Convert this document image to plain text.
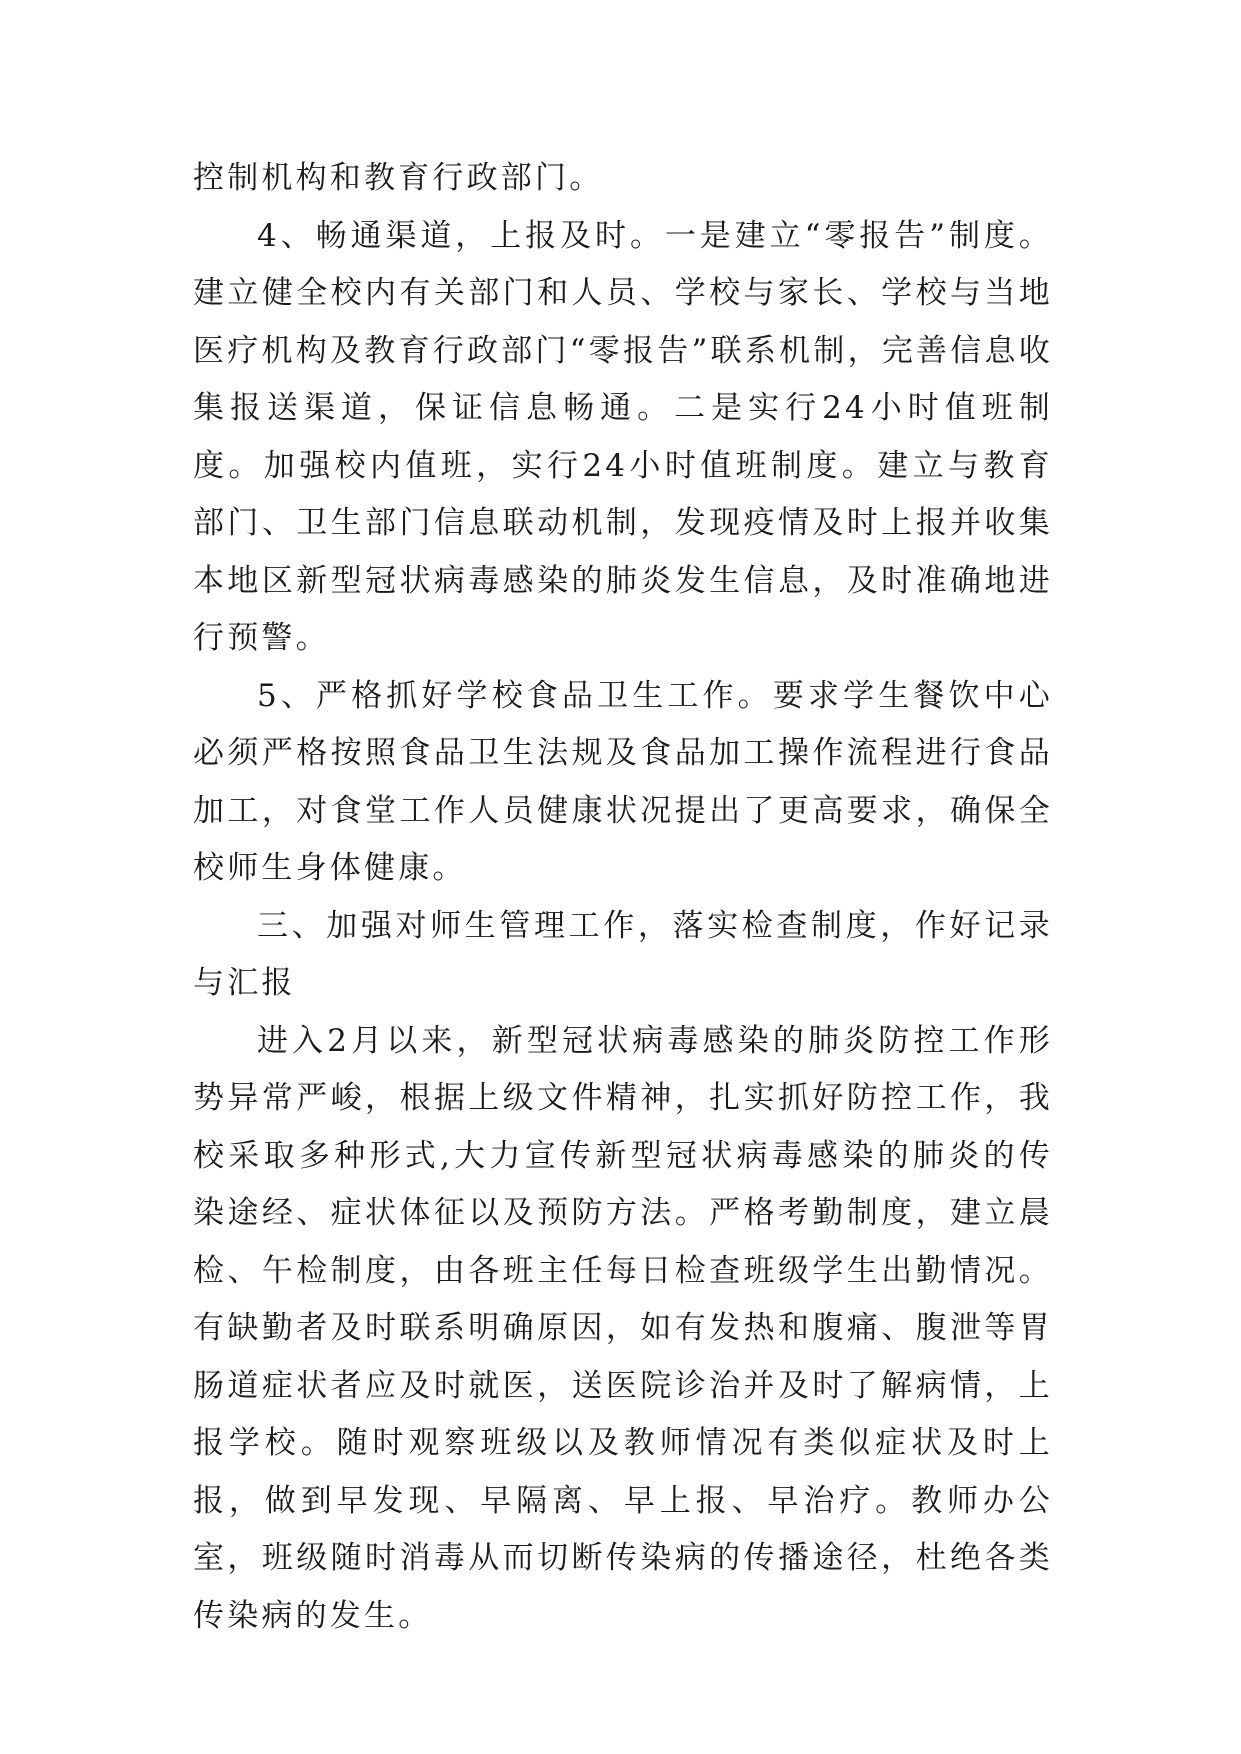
控制机构和教育行政部门。

4、畅通渠道，上报及时。一是建立“零报告”制度。建立健全校内有关部门和人员、学校与家长、学校与当地医疗机构及教育行政部门“零报告”联系机制，完善信息收集报送渠道，保证信息畅通。二是实行24小时值班制度。加强校内值班，实行24小时值班制度。建立与教育部门、卫生部门信息联动机制，发现疫情及时上报并收集本地区新型冠状病毒感染的肺炎发生信息，及时准确地进行预警。

5、严格抓好学校食品卫生工作。要求学生餐饮中心必须严格按照食品卫生法规及食品加工操作流程进行食品加工，对食堂工作人员健康状况提出了更高要求，确保全校师生身体健康。

三、加强对师生管理工作，落实检查制度，作好记录与汇报

进入2月以来，新型冠状病毒感染的肺炎防控工作形势异常严峻，根据上级文件精神，扎实抓好防控工作，我校采取多种形式,大力宣传新型冠状病毒感染的肺炎的传染途经、症状体征以及预防方法。严格考勤制度，建立晨检、午检制度，由各班主任每日检查班级学生出勤情况。有缺勤者及时联系明确原因，如有发热和腹痛、腹泄等胃肠道症状者应及时就医，送医院诊治并及时了解病情，上报学校。随时观察班级以及教师情况有类似症状及时上报，做到早发现、早隔离、早上报、早治疗。教师办公室，班级随时消毒从而切断传染病的传播途径，杜绝各类传染病的发生。
